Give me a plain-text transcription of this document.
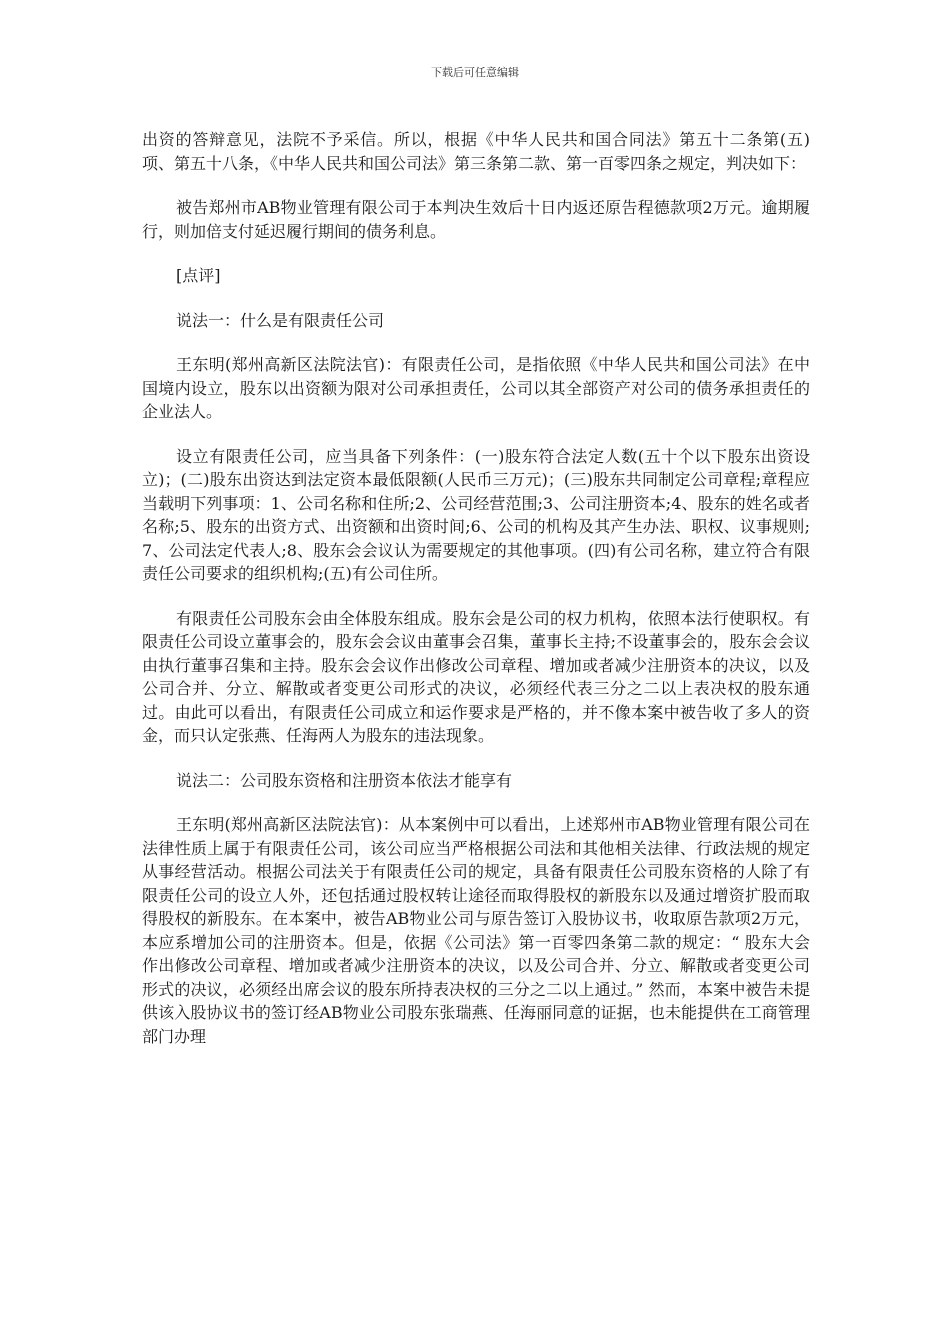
下载后可任意编辑

出资的答辩意见，法院不予采信。所以，根据《中华人民共和国合同法》第五十二条第(五)项、第五十八条，《中华人民共和国公司法》第三条第二款、第一百零四条之规定，判决如下：

被告郑州市AB物业管理有限公司于本判决生效后十日内返还原告程德款项2万元。逾期履行，则加倍支付延迟履行期间的债务利息。

[点评]

说法一：什么是有限责任公司

王东明(郑州高新区法院法官)：有限责任公司，是指依照《中华人民共和国公司法》在中国境内设立，股东以出资额为限对公司承担责任，公司以其全部资产对公司的债务承担责任的企业法人。

设立有限责任公司，应当具备下列条件：(一)股东符合法定人数(五十个以下股东出资设立)；(二)股东出资达到法定资本最低限额(人民币三万元)；(三)股东共同制定公司章程;章程应当载明下列事项：1、公司名称和住所;2、公司经营范围;3、公司注册资本;4、股东的姓名或者名称;5、股东的出资方式、出资额和出资时间;6、公司的机构及其产生办法、职权、议事规则;7、公司法定代表人;8、股东会会议认为需要规定的其他事项。(四)有公司名称，建立符合有限责任公司要求的组织机构;(五)有公司住所。

有限责任公司股东会由全体股东组成。股东会是公司的权力机构，依照本法行使职权。有限责任公司设立董事会的，股东会会议由董事会召集，董事长主持;不设董事会的，股东会会议由执行董事召集和主持。股东会会议作出修改公司章程、增加或者减少注册资本的决议，以及公司合并、分立、解散或者变更公司形式的决议，必须经代表三分之二以上表决权的股东通过。由此可以看出，有限责任公司成立和运作要求是严格的，并不像本案中被告收了多人的资金，而只认定张燕、任海两人为股东的违法现象。

说法二：公司股东资格和注册资本依法才能享有

王东明(郑州高新区法院法官)：从本案例中可以看出，上述郑州市AB物业管理有限公司在法律性质上属于有限责任公司，该公司应当严格根据公司法和其他相关法律、行政法规的规定从事经营活动。根据公司法关于有限责任公司的规定，具备有限责任公司股东资格的人除了有限责任公司的设立人外，还包括通过股权转让途径而取得股权的新股东以及通过增资扩股而取得股权的新股东。在本案中，被告AB物业公司与原告签订入股协议书，收取原告款项2万元，本应系增加公司的注册资本。但是，依据《公司法》第一百零四条第二款的规定：“ 股东大会作出修改公司章程、增加或者减少注册资本的决议，以及公司合并、分立、解散或者变更公司形式的决议，必须经出席会议的股东所持表决权的三分之二以上通过。” 然而，本案中被告未提供该入股协议书的签订经AB物业公司股东张瑞燕、任海丽同意的证据，也未能提供在工商管理部门办理
